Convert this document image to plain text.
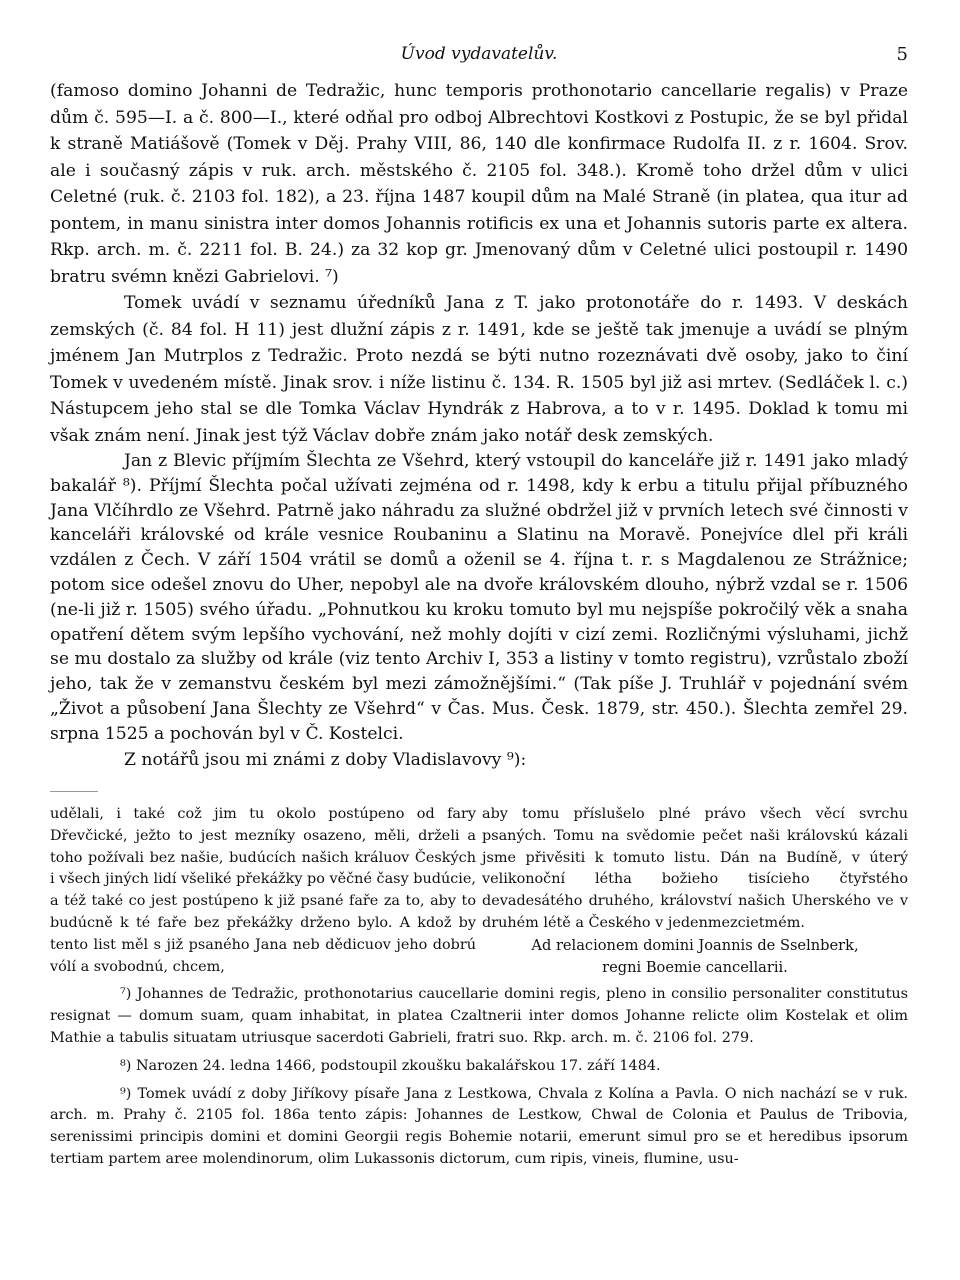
Úvod vydavatelův.	5

(famoso domino Johanni de Tedražic, hunc temporis prothonotario cancellarie regalis) v Praze dům č. 595—I. a č. 800—I., které odňal pro odboj Albrechtovi Kostkovi z Postupic, že se byl přidal k straně Matiášově (Tomek v Děj. Prahy VIII, 86, 140 dle konfirmace Rudolfa II. z r. 1604. Srov. ale i současný zápis v ruk. arch. městského č. 2105 fol. 348.). Kromě toho držel dům v ulici Celetné (ruk. č. 2103 fol. 182), a 23. října 1487 koupil dům na Malé Straně (in platea, qua itur ad pontem, in manu sinistra inter domos Johannis rotificis ex una et Johannis sutoris parte ex altera. Rkp. arch. m. č. 2211 fol. B. 24.) za 32 kop gr. Jmenovaný dům v Celetné ulici postoupil r. 1490 bratru svémn knězi Gabrielovi. ⁷)

Tomek uvádí v seznamu úředníků Jana z T. jako protonotáře do r. 1493. V deskách zemských (č. 84 fol. H 11) jest dlužní zápis z r. 1491, kde se ještě tak jmenuje a uvádí se plným jménem Jan Mutrplos z Tedražic. Proto nezdá se býti nutno rozeznávati dvě osoby, jako to činí Tomek v uvedeném místě. Jinak srov. i níže listinu č. 134. R. 1505 byl již asi mrtev. (Sedláček l. c.) Nástupcem jeho stal se dle Tomka Václav Hyndrák z Habrova, a to v r. 1495. Doklad k tomu mi však znám není. Jinak jest týž Václav dobře znám jako notář desk zemských.

Jan z Blevic příjmím Šlechta ze Všehrd, který vstoupil do kanceláře již r. 1491 jako mladý bakalář ⁸). Příjmí Šlechta počal užívati zejména od r. 1498, kdy k erbu a titulu přijal příbuzného Jana Vlčíhrdlo ze Všehrd. Patrně jako náhradu za služné obdržel již v prvních letech své činnosti v kanceláři královské od krále vesnice Roubaninu a Slatinu na Moravě. Ponejvíce dlel při králi vzdálen z Čech. V září 1504 vrátil se domů a oženil se 4. října t. r. s Magdalenou ze Strážnice; potom sice odešel znovu do Uher, nepobyl ale na dvoře královském dlouho, nýbrž vzdal se r. 1506 (ne-li již r. 1505) svého úřadu. „Pohnutkou ku kroku tomuto byl mu nejspíše pokročilý věk a snaha opatření dětem svým lepšího vychování, než mohly dojíti v cizí zemi. Rozličnými výsluhami, jichž se mu dostalo za služby od krále (viz tento Archiv I, 353 a listiny v tomto registru), vzrůstalo zboží jeho, tak že v zemanstvu českém byl mezi zámožnějšími.“ (Tak píše J. Truhlář v pojednání svém „Život a působení Jana Šlechty ze Všehrd“ v Čas. Mus. Česk. 1879, str. 450.). Šlechta zemřel 29. srpna 1525 a pochován byl v Č. Kostelci.

Z notářů jsou mi známi z doby Vladislavovy ⁹):

udělali, i také což jim tu okolo postúpeno od fary Dřevčické, ježto to jest mezníky osazeno, měli, drželi a toho požívali bez našie, budúcích našich králuov Českých i všech jiných lidí všeliké překážky po věčné časy budúcie, a též také co jest postúpeno k již psané faře za to, aby to budúcně k té faře bez překážky drženo bylo. A kdož by tento list měl s již psaného Jana neb dědicuov jeho dobrú vólí a svobodnú, chcem,

aby tomu příslušelo plné právo všech věcí svrchu psaných. Tomu na svědomie pečet naši královskú kázali jsme přivěsiti k tomuto listu. Dán na Budíně, v úterý velikonoční létha božieho tisícieho čtyřstého devadesátého druhého, království našich Uherského ve v druhém létě a Českého v jedenmezcietmém.

Ad relacionem domini Joannis de Sselnberk,

regni Boemie cancellarii.

⁷) Johannes de Tedražic, prothonotarius caucellarie domini regis, pleno in consilio personaliter constitutus resignat — domum suam, quam inhabitat, in platea Czaltnerii inter domos Johanne relicte olim Kostelak et olim Mathie a tabulis situatam utriusque sacerdoti Gabrieli, fratri suo. Rkp. arch. m. č. 2106 fol. 279.

⁸) Narozen 24. ledna 1466, podstoupil zkoušku bakalářskou 17. září 1484.

⁹) Tomek uvádí z doby Jiříkovy písaře Jana z Lestkowa, Chvala z Kolína a Pavla. O nich nachází se v ruk. arch. m. Prahy č. 2105 fol. 186a tento zápis: Johannes de Lestkow, Chwal de Colonia et Paulus de Tribovia, serenissimi principis domini et domini Georgii regis Bohemie notarii, emerunt simul pro se et heredibus ipsorum tertiam partem aree molendinorum, olim Lukassonis dictorum, cum ripis, vineis, flumine, usu-
